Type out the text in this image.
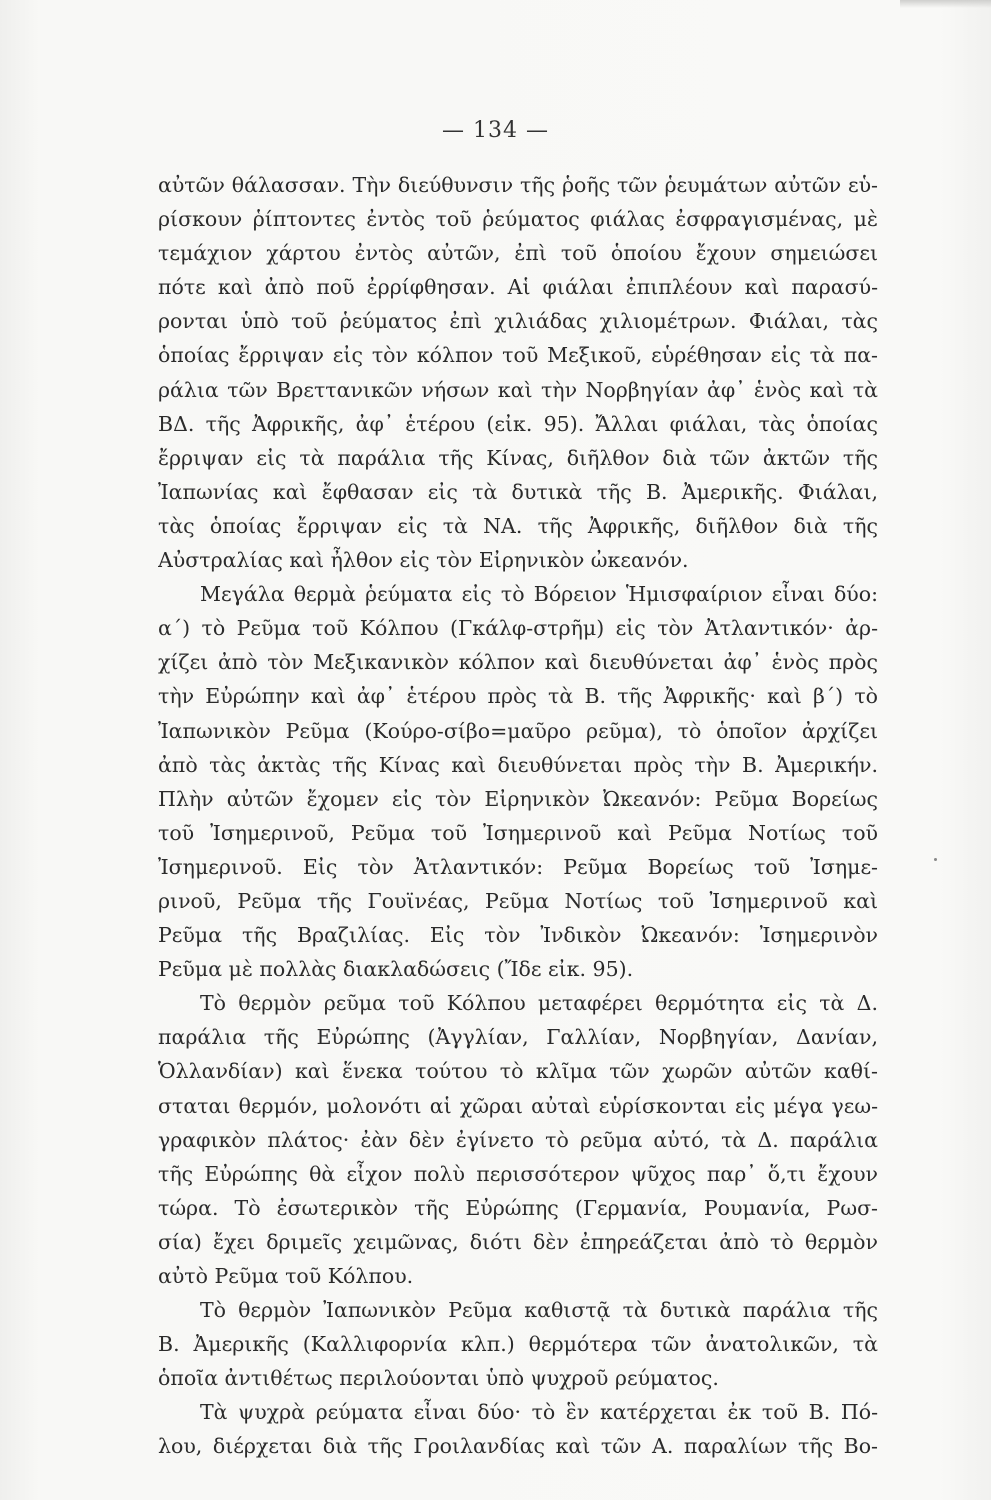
— 134 —
αὐτῶν θάλασσαν. Τὴν διεύθυνσιν τῆς ῥοῆς τῶν ῥευμάτων αὐτῶν εὑ-
ρίσκουν ῥίπτοντες ἐντὸς τοῦ ῥεύματος φιάλας ἐσφραγισμένας, μὲ
τεμάχιον χάρτου ἐντὸς αὐτῶν, ἐπὶ τοῦ ὁποίου ἔχουν σημειώσει
πότε καὶ ἀπὸ ποῦ ἐρρίφθησαν. Αἱ φιάλαι ἐπιπλέουν καὶ παρασύ-
ρονται ὑπὸ τοῦ ῥεύματος ἐπὶ χιλιάδας χιλιομέτρων. Φιάλαι, τὰς
ὁποίας ἔρριψαν εἰς τὸν κόλπον τοῦ Μεξικοῦ, εὑρέθησαν εἰς τὰ πα-
ράλια τῶν Βρεττανικῶν νήσων καὶ τὴν Νορβηγίαν ἀφ᾽ ἑνὸς καὶ τὰ
ΒΔ. τῆς Ἀφρικῆς, ἀφ᾽ ἑτέρου (εἰκ. 95). Ἄλλαι φιάλαι, τὰς ὁποίας
ἔρριψαν εἰς τὰ παράλια τῆς Κίνας, διῆλθον διὰ τῶν ἀκτῶν τῆς
Ἰαπωνίας καὶ ἔφθασαν εἰς τὰ δυτικὰ τῆς Β. Ἀμερικῆς. Φιάλαι,
τὰς ὁποίας ἔρριψαν εἰς τὰ ΝΑ. τῆς Ἀφρικῆς, διῆλθον διὰ τῆς
Αὐστραλίας καὶ ἦλθον εἰς τὸν Εἰρηνικὸν ὠκεανόν.
Μεγάλα θερμὰ ῥεύματα εἰς τὸ Βόρειον Ἡμισφαίριον εἶναι δύο:
α΄) τὸ Ρεῦμα τοῦ Κόλπου (Γκάλφ-στρῆμ) εἰς τὸν Ἀτλαντικόν· ἀρ-
χίζει ἀπὸ τὸν Μεξικανικὸν κόλπον καὶ διευθύνεται ἀφ᾽ ἑνὸς πρὸς
τὴν Εὐρώπην καὶ ἀφ᾽ ἑτέρου πρὸς τὰ Β. τῆς Ἀφρικῆς· καὶ β΄) τὸ
Ἰαπωνικὸν Ρεῦμα (Κούρο-σίβο=μαῦρο ρεῦμα), τὸ ὁποῖον ἀρχίζει
ἀπὸ τὰς ἀκτὰς τῆς Κίνας καὶ διευθύνεται πρὸς τὴν Β. Ἀμερικήν.
Πλὴν αὐτῶν ἔχομεν εἰς τὸν Εἰρηνικὸν Ὠκεανόν: Ρεῦμα Βορείως
τοῦ Ἰσημερινοῦ, Ρεῦμα τοῦ Ἰσημερινοῦ καὶ Ρεῦμα Νοτίως τοῦ
Ἰσημερινοῦ. Εἰς τὸν Ἀτλαντικόν: Ρεῦμα Βορείως τοῦ Ἰσημε-
ρινοῦ, Ρεῦμα τῆς Γουϊνέας, Ρεῦμα Νοτίως τοῦ Ἰσημερινοῦ καὶ
Ρεῦμα τῆς Βραζιλίας. Εἰς τὸν Ἰνδικὸν Ὠκεανόν: Ἰσημερινὸν
Ρεῦμα μὲ πολλὰς διακλαδώσεις (Ἴδε εἰκ. 95).
Τὸ θερμὸν ρεῦμα τοῦ Κόλπου μεταφέρει θερμότητα εἰς τὰ Δ.
παράλια τῆς Εὐρώπης (Ἀγγλίαν, Γαλλίαν, Νορβηγίαν, Δανίαν,
Ὁλλανδίαν) καὶ ἕνεκα τούτου τὸ κλῖμα τῶν χωρῶν αὐτῶν καθί-
σταται θερμόν, μολονότι αἱ χῶραι αὐταὶ εὑρίσκονται εἰς μέγα γεω-
γραφικὸν πλάτος· ἐὰν δὲν ἐγίνετο τὸ ρεῦμα αὐτό, τὰ Δ. παράλια
τῆς Εὐρώπης θὰ εἶχον πολὺ περισσότερον ψῦχος παρ᾽ ὅ,τι ἔχουν
τώρα. Τὸ ἐσωτερικὸν τῆς Εὐρώπης (Γερμανία, Ρουμανία, Ρωσ-
σία) ἔχει δριμεῖς χειμῶνας, διότι δὲν ἐπηρεάζεται ἀπὸ τὸ θερμὸν
αὐτὸ Ρεῦμα τοῦ Κόλπου.
Τὸ θερμὸν Ἰαπωνικὸν Ρεῦμα καθιστᾷ τὰ δυτικὰ παράλια τῆς
Β. Ἀμερικῆς (Καλλιφορνία κλπ.) θερμότερα τῶν ἀνατολικῶν, τὰ
ὁποῖα ἀντιθέτως περιλούονται ὑπὸ ψυχροῦ ρεύματος.
Τὰ ψυχρὰ ρεύματα εἶναι δύο· τὸ ἓν κατέρχεται ἐκ τοῦ Β. Πό-
λου, διέρχεται διὰ τῆς Γροιλανδίας καὶ τῶν Α. παραλίων τῆς Βο-
